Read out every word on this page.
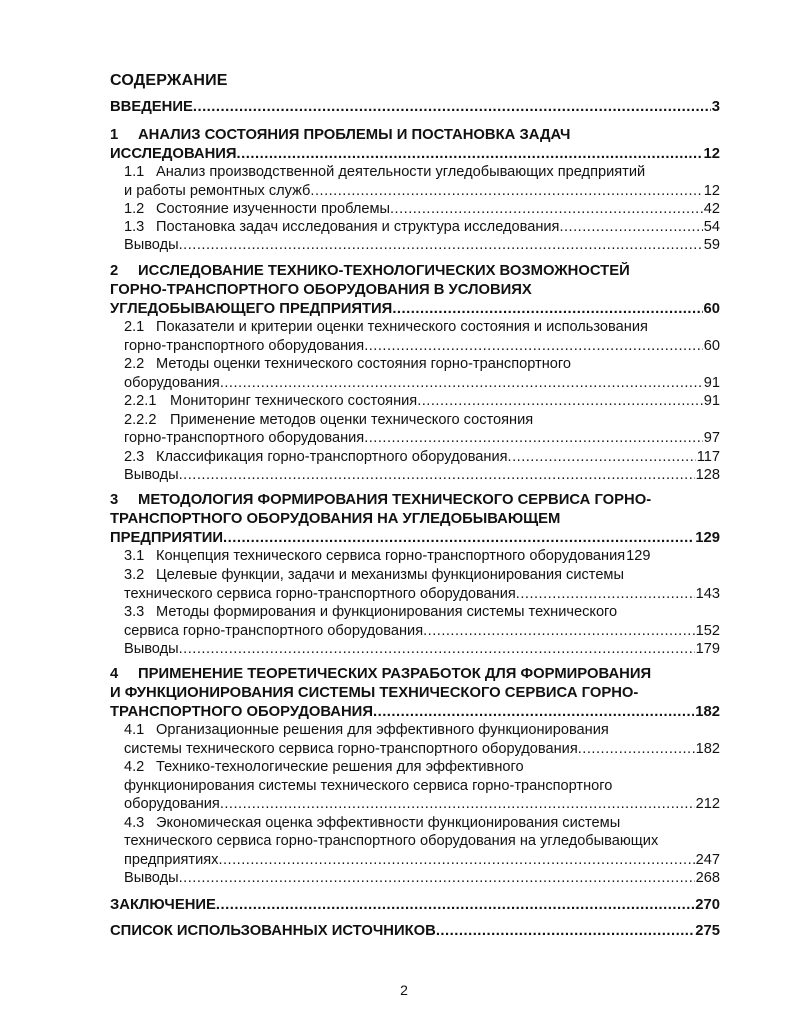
СОДЕРЖАНИЕ
ВВЕДЕНИЕ .....	3
1 АНАЛИЗ СОСТОЯНИЯ ПРОБЛЕМЫ И ПОСТАНОВКА ЗАДАЧ
ИССЛЕДОВАНИЯ .....	12
1.1 Анализ производственной деятельности угледобывающих предприятий
и работы ремонтных служб .....	12
1.2 Состояние изученности проблемы .....	42
1.3 Постановка задач исследования и структура исследования .....	54
Выводы .....	59
2 ИССЛЕДОВАНИЕ ТЕХНИКО-ТЕХНОЛОГИЧЕСКИХ ВОЗМОЖНОСТЕЙ
ГОРНО-ТРАНСПОРТНОГО ОБОРУДОВАНИЯ В УСЛОВИЯХ
УГЛЕДОБЫВАЮЩЕГО ПРЕДПРИЯТИЯ .....	60
2.1 Показатели и критерии оценки технического состояния и использования
горно-транспортного оборудования .....	60
2.2 Методы оценки технического состояния горно-транспортного
оборудования .....	91
2.2.1 Мониторинг технического состояния .....	91
2.2.2 Применение методов оценки технического состояния
горно-транспортного оборудования .....	97
2.3 Классификация горно-транспортного оборудования .....	117
Выводы .....	128
3 МЕТОДОЛОГИЯ ФОРМИРОВАНИЯ ТЕХНИЧЕСКОГО СЕРВИСА ГОРНО-
ТРАНСПОРТНОГО ОБОРУДОВАНИЯ НА УГЛЕДОБЫВАЮЩЕМ
ПРЕДПРИЯТИИ .....	129
3.1 Концепция технического сервиса горно-транспортного оборудования 129
3.2 Целевые функции, задачи и механизмы функционирования системы
технического сервиса горно-транспортного оборудования .....	143
3.3 Методы формирования и функционирования системы технического
сервиса горно-транспортного оборудования .....	152
Выводы .....	179
4 ПРИМЕНЕНИЕ ТЕОРЕТИЧЕСКИХ РАЗРАБОТОК ДЛЯ ФОРМИРОВАНИЯ
И ФУНКЦИОНИРОВАНИЯ СИСТЕМЫ ТЕХНИЧЕСКОГО СЕРВИСА ГОРНО-
ТРАНСПОРТНОГО ОБОРУДОВАНИЯ .....	182
4.1 Организационные решения для эффективного функционирования
системы технического сервиса горно-транспортного оборудования .....	182
4.2 Технико-технологические решения для эффективного
функционирования системы технического сервиса горно-транспортного
оборудования .....	212
4.3 Экономическая оценка эффективности функционирования системы
технического сервиса горно-транспортного оборудования на угледобывающих
предприятиях .....	247
Выводы .....	268
ЗАКЛЮЧЕНИЕ .....	270
СПИСОК ИСПОЛЬЗОВАННЫХ ИСТОЧНИКОВ .....	275
2
